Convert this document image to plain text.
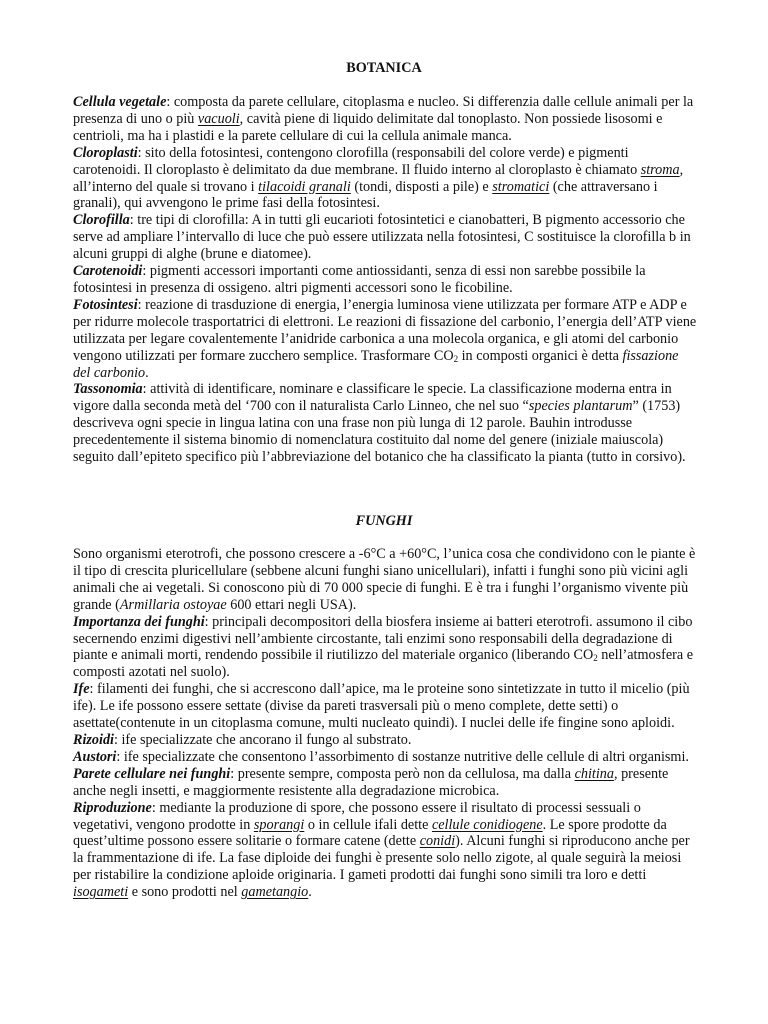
BOTANICA

Cellula vegetale: composta da parete cellulare, citoplasma e nucleo. Si differenzia dalle cellule animali per la presenza di uno o più vacuoli, cavità piene di liquido delimitate dal tonoplasto. Non possiede lisosomi e centrioli, ma ha i plastidi e la parete cellulare di cui la cellula animale manca.

Cloroplasti: sito della fotosintesi, contengono clorofilla (responsabili del colore verde) e pigmenti carotenoidi. Il cloroplasto è delimitato da due membrane. Il fluido interno al cloroplasto è chiamato stroma, all’interno del quale si trovano i tilacoidi granali (tondi, disposti a pile) e stromatici (che attraversano i granali), qui avvengono le prime fasi della fotosintesi.

Clorofilla: tre tipi di clorofilla: A in tutti gli eucarioti fotosintetici e cianobatteri, B pigmento accessorio che serve ad ampliare l’intervallo di luce che può essere utilizzata nella fotosintesi, C sostituisce la clorofilla b in alcuni gruppi di alghe (brune e diatomee).

Carotenoidi: pigmenti accessori importanti come antiossidanti, senza di essi non sarebbe possibile la fotosintesi in presenza di ossigeno. altri pigmenti accessori sono le ficobiline.

Fotosintesi: reazione di trasduzione di energia, l’energia luminosa viene utilizzata per formare ATP e ADP e per ridurre molecole trasportatrici di elettroni. Le reazioni di fissazione del carbonio, l’energia dell’ATP viene utilizzata per legare covalentemente l’anidride carbonica a una molecola organica, e gli atomi del carbonio vengono utilizzati per formare zucchero semplice. Trasformare $CO_2$ in composti organici è detta fissazione del carbonio.

Tassonomia: attività di identificare, nominare e classificare le specie. La classificazione moderna entra in vigore dalla seconda metà del ‘700 con il naturalista Carlo Linneo, che nel suo “species plantarum” (1753) descriveva ogni specie in lingua latina con una frase non più lunga di 12 parole. Bauhin introdusse precedentemente il sistema binomio di nomenclatura costituito dal nome del genere (iniziale maiuscola) seguito dall’epiteto specifico più l’abbreviazione del botanico che ha classificato la pianta (tutto in corsivo).

FUNGHI

Sono organismi eterotrofi, che possono crescere a -6°C a +60°C, l’unica cosa che condividono con le piante è il tipo di crescita pluricellulare (sebbene alcuni funghi siano unicellulari), infatti i funghi sono più vicini agli animali che ai vegetali. Si conoscono più di 70 000 specie di funghi. E è tra i funghi l’organismo vivente più grande (Armillaria ostoyae 600 ettari negli USA).

Importanza dei funghi: principali decompositori della biosfera insieme ai batteri eterotrofi. assumono il cibo secernendo enzimi digestivi nell’ambiente circostante, tali enzimi sono responsabili della degradazione di piante e animali morti, rendendo possibile il riutilizzo del materiale organico (liberando $CO_2$ nell’atmosfera e composti azotati nel suolo).

Ife: filamenti dei funghi, che si accrescono dall’apice, ma le proteine sono sintetizzate in tutto il micelio (più ife). Le ife possono essere settate (divise da pareti trasversali più o meno complete, dette setti) o asettate(contenute in un citoplasma comune, multi nucleato quindi). I nuclei delle ife fingine sono aploidi.

Rizoidi: ife specializzate che ancorano il fungo al substrato.

Austori: ife specializzate che consentono l’assorbimento di sostanze nutritive delle cellule di altri organismi.

Parete cellulare nei funghi: presente sempre, composta però non da cellulosa, ma dalla chitina, presente anche negli insetti, e maggiormente resistente alla degradazione microbica.

Riproduzione: mediante la produzione di spore, che possono essere il risultato di processi sessuali o vegetativi, vengono prodotte in sporangi o in cellule ifali dette cellule conidiogene. Le spore prodotte da quest’ultime possono essere solitarie o formare catene (dette conidi). Alcuni funghi si riproducono anche per la frammentazione di ife. La fase diploide dei funghi è presente solo nello zigote, al quale seguirà la meiosi per ristabilire la condizione aploide originaria. I gameti prodotti dai funghi sono simili tra loro e detti isogameti e sono prodotti nel gametangio.
